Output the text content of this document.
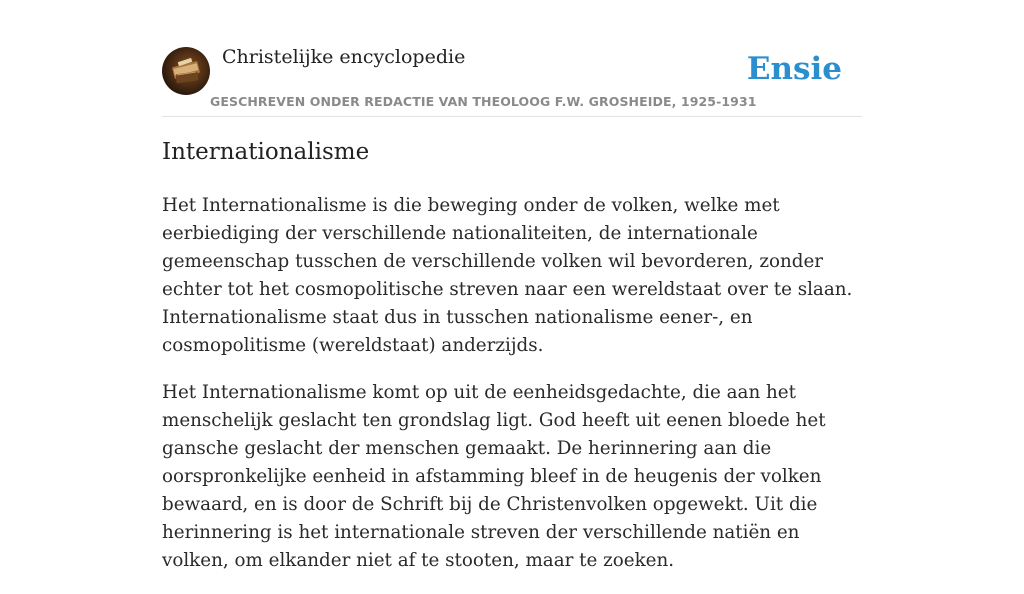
Christelijke encyclopedie
GESCHREVEN ONDER REDACTIE VAN THEOLOOG F.W. GROSHEIDE, 1925-1931
Ensie
Internationalisme

Het Internationalisme is die beweging onder de volken, welke met eerbiediging der verschillende nationaliteiten, de internationale gemeenschap tusschen de verschillende volken wil bevorderen, zonder echter tot het cosmopolitische streven naar een wereldstaat over te slaan. Internationalisme staat dus in tusschen nationalisme eener-, en cosmopolitisme (wereldstaat) anderzijds.

Het Internationalisme komt op uit de eenheidsgedachte, die aan het menschelijk geslacht ten grondslag ligt. God heeft uit eenen bloede het gansche geslacht der menschen gemaakt. De herinnering aan die oorspronkelijke eenheid in afstamming bleef in de heugenis der volken bewaard, en is door de Schrift bij de Christenvolken opgewekt. Uit die herinnering is het internationale streven der verschillende natiën en volken, om elkander niet af te stooten, maar te zoeken.
